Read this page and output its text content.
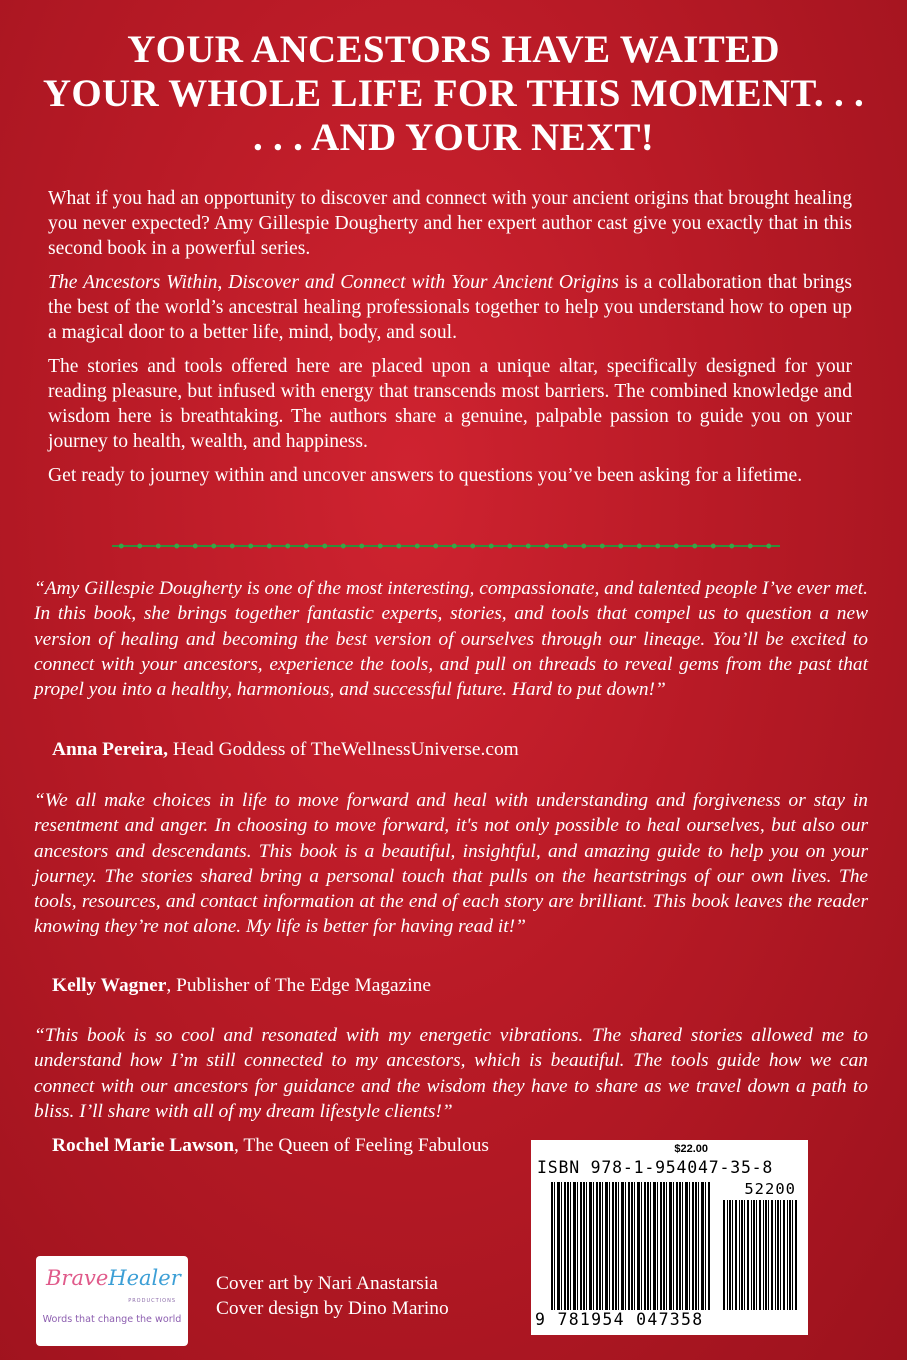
YOUR ANCESTORS HAVE WAITED
YOUR WHOLE LIFE FOR THIS MOMENT. . .
. . . AND YOUR NEXT!

What if you had an opportunity to discover and connect with your ancient origins that brought healing you never expected? Amy Gillespie Dougherty and her expert author cast give you exactly that in this second book in a powerful series.

The Ancestors Within, Discover and Connect with Your Ancient Origins is a collaboration that brings the best of the world’s ancestral healing professionals together to help you understand how to open up a magical door to a better life, mind, body, and soul.

The stories and tools offered here are placed upon a unique altar, specifically designed for your reading pleasure, but infused with energy that transcends most barriers. The combined knowledge and wisdom here is breathtaking. The authors share a genuine, palpable passion to guide you on your journey to health, wealth, and happiness.

Get ready to journey within and uncover answers to questions you’ve been asking for a lifetime.

“Amy Gillespie Dougherty is one of the most interesting, compassionate, and talented people I’ve ever met. In this book, she brings together fantastic experts, stories, and tools that compel us to question a new version of healing and becoming the best version of ourselves through our lineage. You’ll be excited to connect with your ancestors, experience the tools, and pull on threads to reveal gems from the past that propel you into a healthy, harmonious, and successful future. Hard to put down!”
Anna Pereira, Head Goddess of TheWellnessUniverse.com
“We all make choices in life to move forward and heal with understanding and forgiveness or stay in resentment and anger. In choosing to move forward, it's not only possible to heal ourselves, but also our ancestors and descendants. This book is a beautiful, insightful, and amazing guide to help you on your journey. The stories shared bring a personal touch that pulls on the heartstrings of our own lives. The tools, resources, and contact information at the end of each story are brilliant. This book leaves the reader knowing they’re not alone. My life is better for having read it!”
Kelly Wagner, Publisher of The Edge Magazine
“This book is so cool and resonated with my energetic vibrations. The shared stories allowed me to understand how I’m still connected to my ancestors, which is beautiful. The tools guide how we can connect with our ancestors for guidance and the wisdom they have to share as we travel down a path to bliss. I’ll share with all of my dream lifestyle clients!”
Rochel Marie Lawson, The Queen of Feeling Fabulous
BraveHealer
PRODUCTIONS
Words that change the world
Cover art by Nari Anastarsia
Cover design by Dino Marino
$22.00
ISBN 978-1-954047-35-8
52200
9 781954 047358
